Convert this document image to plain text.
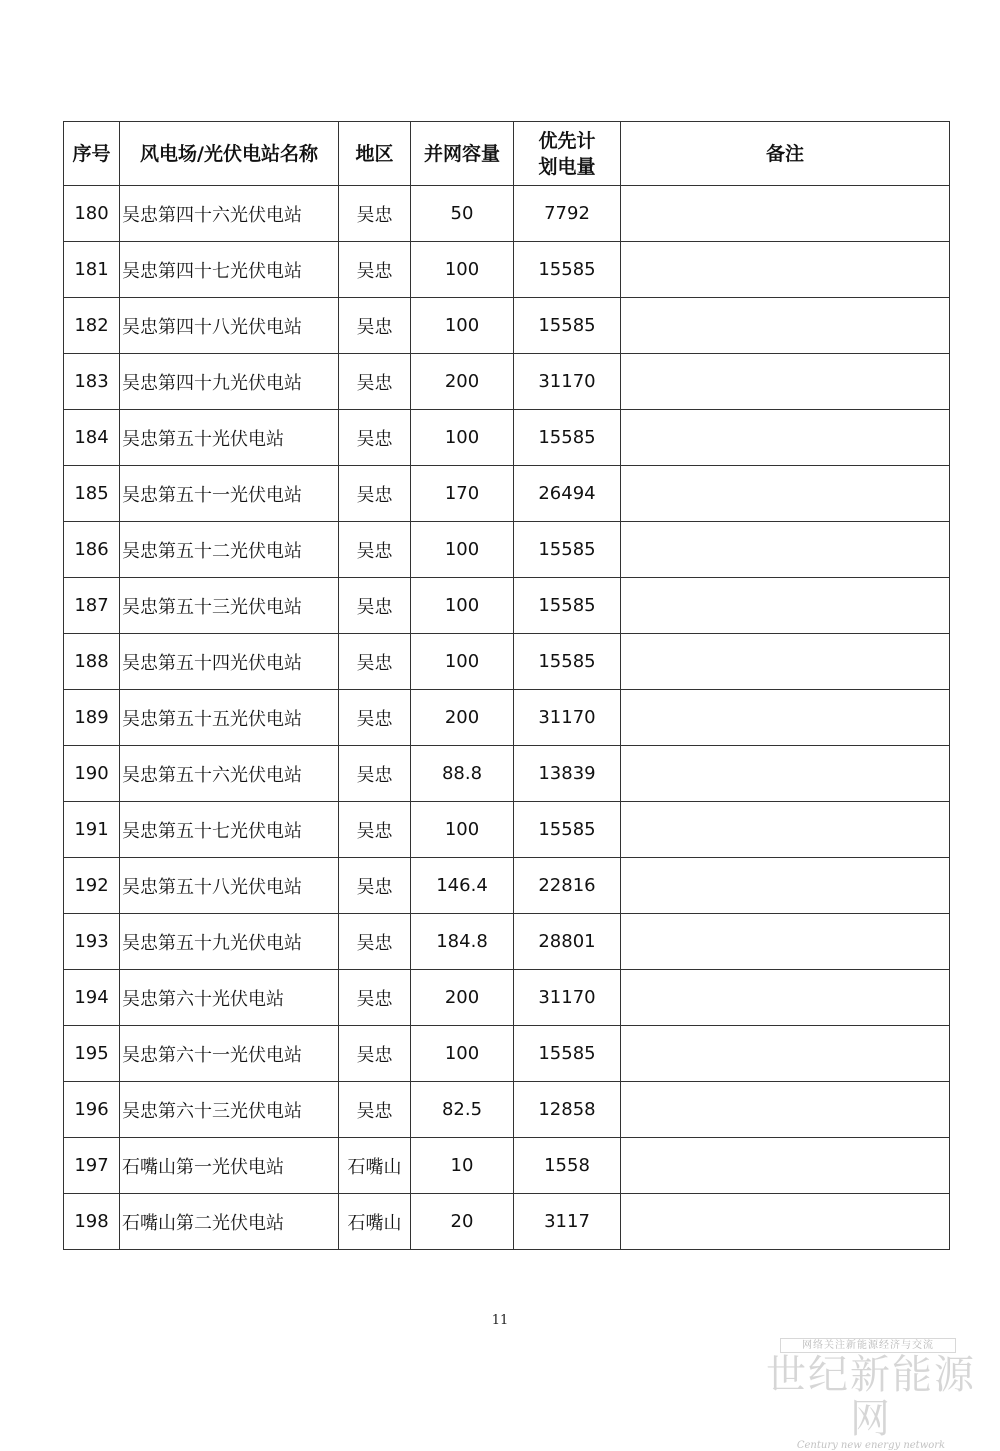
序号	风电场/光伏电站名称	地区	并网容量	优先计划电量	备注
180	吴忠第四十六光伏电站	吴忠	50	7792	
181	吴忠第四十七光伏电站	吴忠	100	15585	
182	吴忠第四十八光伏电站	吴忠	100	15585	
183	吴忠第四十九光伏电站	吴忠	200	31170	
184	吴忠第五十光伏电站	吴忠	100	15585	
185	吴忠第五十一光伏电站	吴忠	170	26494	
186	吴忠第五十二光伏电站	吴忠	100	15585	
187	吴忠第五十三光伏电站	吴忠	100	15585	
188	吴忠第五十四光伏电站	吴忠	100	15585	
189	吴忠第五十五光伏电站	吴忠	200	31170	
190	吴忠第五十六光伏电站	吴忠	88.8	13839	
191	吴忠第五十七光伏电站	吴忠	100	15585	
192	吴忠第五十八光伏电站	吴忠	146.4	22816	
193	吴忠第五十九光伏电站	吴忠	184.8	28801	
194	吴忠第六十光伏电站	吴忠	200	31170	
195	吴忠第六十一光伏电站	吴忠	100	15585	
196	吴忠第六十三光伏电站	吴忠	82.5	12858	
197	石嘴山第一光伏电站	石嘴山	10	1558	
198	石嘴山第二光伏电站	石嘴山	20	3117	
11
网络关注新能源经济与交流
世纪新能源网
Century new energy network
